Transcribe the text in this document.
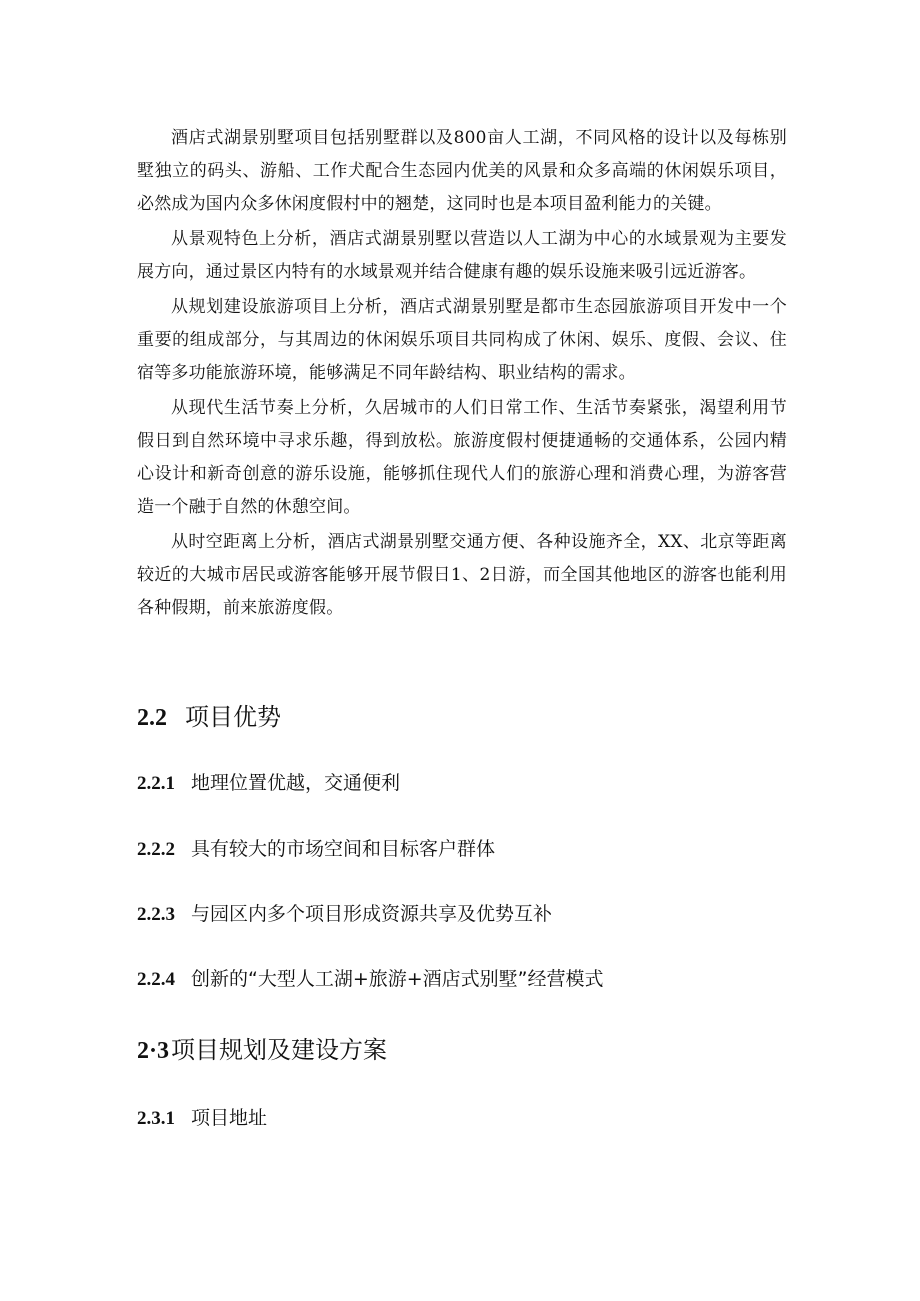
酒店式湖景别墅项目包括别墅群以及800亩人工湖，不同风格的设计以及每栋别墅独立的码头、游船、工作犬配合生态园内优美的风景和众多高端的休闲娱乐项目，必然成为国内众多休闲度假村中的翘楚，这同时也是本项目盈利能力的关键。

从景观特色上分析，酒店式湖景别墅以营造以人工湖为中心的水域景观为主要发展方向，通过景区内特有的水域景观并结合健康有趣的娱乐设施来吸引远近游客。

从规划建设旅游项目上分析，酒店式湖景别墅是都市生态园旅游项目开发中一个重要的组成部分，与其周边的休闲娱乐项目共同构成了休闲、娱乐、度假、会议、住宿等多功能旅游环境，能够满足不同年龄结构、职业结构的需求。

从现代生活节奏上分析，久居城市的人们日常工作、生活节奏紧张，渴望利用节假日到自然环境中寻求乐趣，得到放松。旅游度假村便捷通畅的交通体系，公园内精心设计和新奇创意的游乐设施，能够抓住现代人们的旅游心理和消费心理，为游客营造一个融于自然的休憩空间。

从时空距离上分析，酒店式湖景别墅交通方便、各种设施齐全，XX、北京等距离较近的大城市居民或游客能够开展节假日1、2日游，而全国其他地区的游客也能利用各种假期，前来旅游度假。

2.2 项目优势
2.2.1 地理位置优越，交通便利
2.2.2 具有较大的市场空间和目标客户群体
2.2.3 与园区内多个项目形成资源共享及优势互补
2.2.4 创新的“大型人工湖+旅游+酒店式别墅”经营模式
2·3项目规划及建设方案
2.3.1 项目地址
